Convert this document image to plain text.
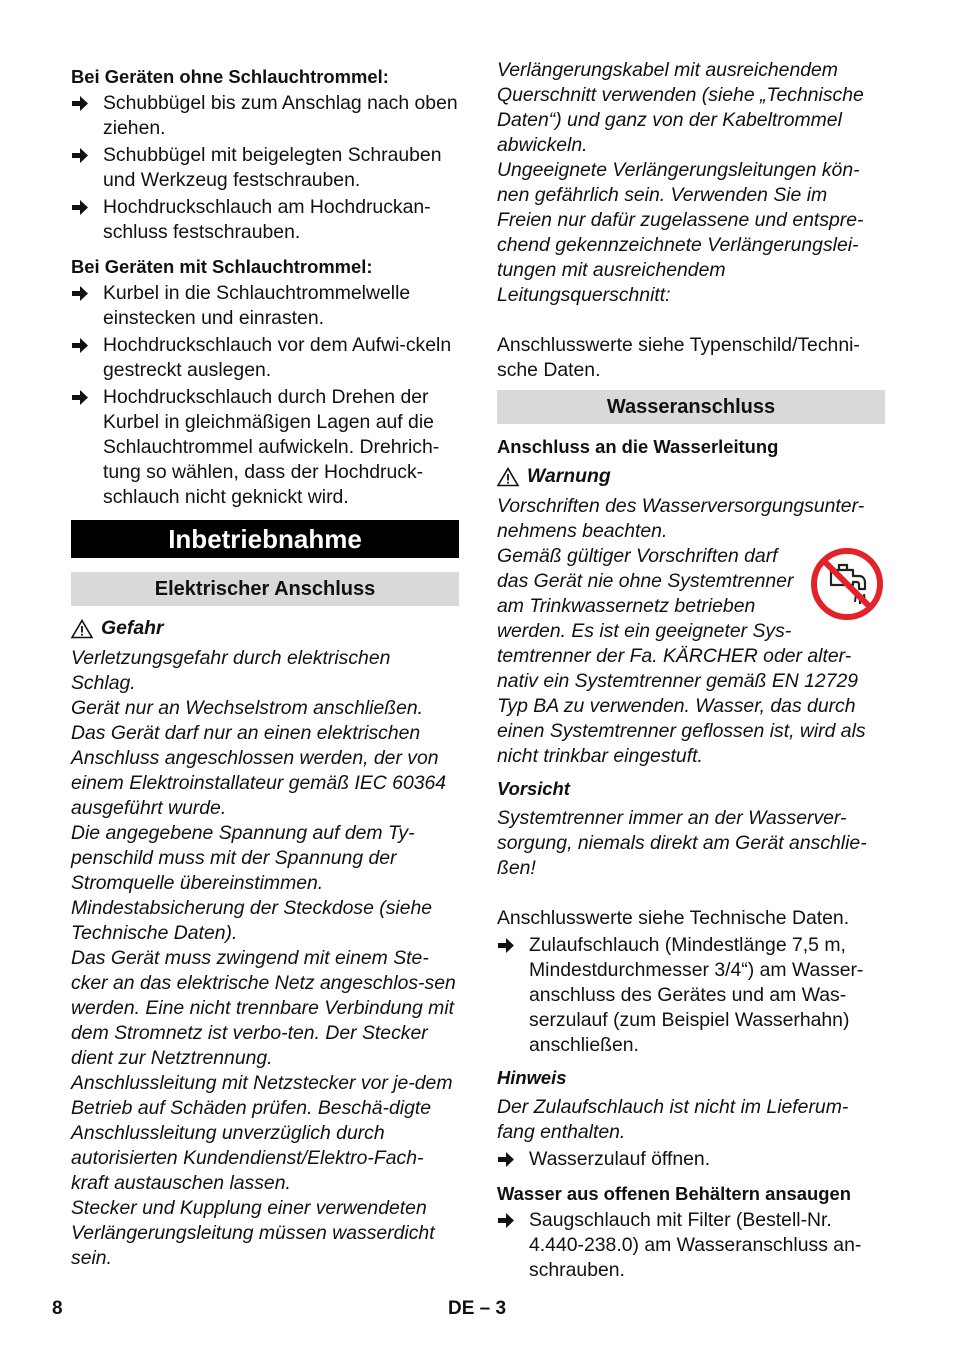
Bei Geräten ohne Schlauchtrommel:
Schubbügel bis zum Anschlag nach oben ziehen.
Schubbügel mit beigelegten Schrauben und Werkzeug festschrauben.
Hochdruckschlauch am Hochdruckan-schluss festschrauben.
Bei Geräten mit Schlauchtrommel:
Kurbel in die Schlauchtrommelwelle einstecken und einrasten.
Hochdruckschlauch vor dem Aufwi-ckeln gestreckt auslegen.
Hochdruckschlauch durch Drehen der Kurbel in gleichmäßigen Lagen auf die Schlauchtrommel aufwickeln. Drehrich-tung so wählen, dass der Hochdruck-schlauch nicht geknickt wird.
Inbetriebnahme
Elektrischer Anschluss
Gefahr

Verletzungsgefahr durch elektrischen Schlag.

Gerät nur an Wechselstrom anschließen.

Das Gerät darf nur an einen elektrischen Anschluss angeschlossen werden, der von einem Elektroinstallateur gemäß IEC 60364 ausgeführt wurde.

Die angegebene Spannung auf dem Ty-penschild muss mit der Spannung der Stromquelle übereinstimmen.

Mindestabsicherung der Steckdose (siehe Technische Daten).

Das Gerät muss zwingend mit einem Ste-cker an das elektrische Netz angeschlos-sen werden. Eine nicht trennbare Verbindung mit dem Stromnetz ist verbo-ten. Der Stecker dient zur Netztrennung.

Anschlussleitung mit Netzstecker vor je-dem Betrieb auf Schäden prüfen. Beschä-digte Anschlussleitung unverzüglich durch autorisierten Kundendienst/Elektro-Fach-kraft austauschen lassen.

Stecker und Kupplung einer verwendeten Verlängerungsleitung müssen wasserdicht sein.

Verlängerungskabel mit ausreichendem Querschnitt verwenden (siehe „Technische Daten“) und ganz von der Kabeltrommel abwickeln.

Ungeeignete Verlängerungsleitungen kön-nen gefährlich sein. Verwenden Sie im Freien nur dafür zugelassene und entspre-chend gekennzeichnete Verlängerungslei-tungen mit ausreichendem Leitungsquerschnitt:

Anschlusswerte siehe Typenschild/Techni-sche Daten.

Wasseranschluss
Anschluss an die Wasserleitung
Warnung

Vorschriften des Wasserversorgungsunter-nehmens beachten.

Gemäß gültiger Vorschriften darf das Gerät nie ohne Systemtrenner am Trinkwassernetz betrieben werden. Es ist ein geeigneter Sys-temtrenner der Fa. KÄRCHER oder alter-nativ ein Systemtrenner gemäß EN 12729 Typ BA zu verwenden. Wasser, das durch einen Systemtrenner geflossen ist, wird als nicht trinkbar eingestuft.

Vorsicht

Systemtrenner immer an der Wasserver-sorgung, niemals direkt am Gerät anschlie-ßen!

Anschlusswerte siehe Technische Daten.

Zulaufschlauch (Mindestlänge 7,5 m, Mindestdurchmesser 3/4“) am Wasser-anschluss des Gerätes und am Was-serzulauf (zum Beispiel Wasserhahn) anschließen.
Hinweis

Der Zulaufschlauch ist nicht im Lieferum-fang enthalten.

Wasserzulauf öffnen.
Wasser aus offenen Behältern ansaugen
Saugschlauch mit Filter (Bestell-Nr. 4.440-238.0) am Wasseranschluss an-schrauben.
8	DE – 3
